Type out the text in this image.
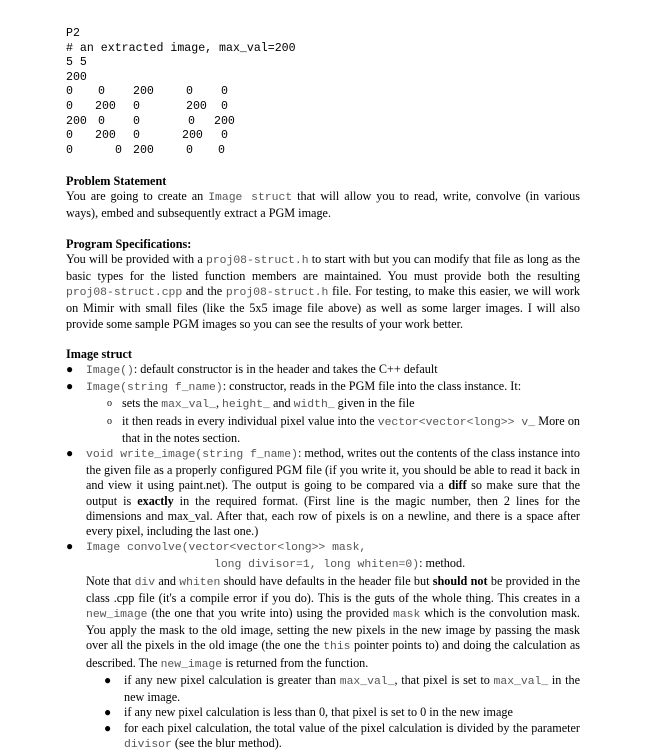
P2
# an extracted image, max_val=200
5 5
200
0 0 200	0 0
0 200 0	200 0
200 0 0	0 200
0 200 0	200 0
0	0 200	0 0
Problem Statement
You are going to create an Image struct that will allow you to read, write, convolve (in various ways), embed and subsequently extract a PGM image.
Program Specifications:
You will be provided with a proj08-struct.h to start with but you can modify that file as long as the basic types for the listed function members are maintained. You must provide both the resulting proj08-struct.cpp and the proj08-struct.h file. For testing, to make this easier, we will work on Mimir with small files (like the 5x5 image file above) as well as some larger images. I will also provide some sample PGM images so you can see the results of your work better.
Image struct
● Image(): default constructor is in the header and takes the C++ default
● Image(string f_name): constructor, reads in the PGM file into the class instance. It:
o sets the max_val_, height_ and width_ given in the file
o it then reads in every individual pixel value into the vector<vector<long>> v_ More on that in the notes section.
● void write_image(string f_name): method, writes out the contents of the class instance into the given file as a properly configured PGM file (if you write it, you should be able to read it back in and view it using paint.net). The output is going to be compared via a diff so make sure that the output is exactly in the required format. (First line is the magic number, then 2 lines for the dimensions and max_val. After that, each row of pixels is on a newline, and there is a space after every pixel, including the last one.)
● Image convolve(vector<vector<long>> mask,
long divisor=1, long whiten=0): method.
Note that div and whiten should have defaults in the header file but should not be provided in the class .cpp file (it's a compile error if you do). This is the guts of the whole thing. This creates in a new_image (the one that you write into) using the provided mask which is the convolution mask. You apply the mask to the old image, setting the new pixels in the new image by passing the mask over all the pixels in the old image (the one the this pointer points to) and doing the calculation as described. The new_image is returned from the function.
● if any new pixel calculation is greater than max_val_, that pixel is set to max_val_ in the new image.
● if any new pixel calculation is less than 0, that pixel is set to 0 in the new image
● for each pixel calculation, the total value of the pixel calculation is divided by the parameter divisor (see the blur method).
